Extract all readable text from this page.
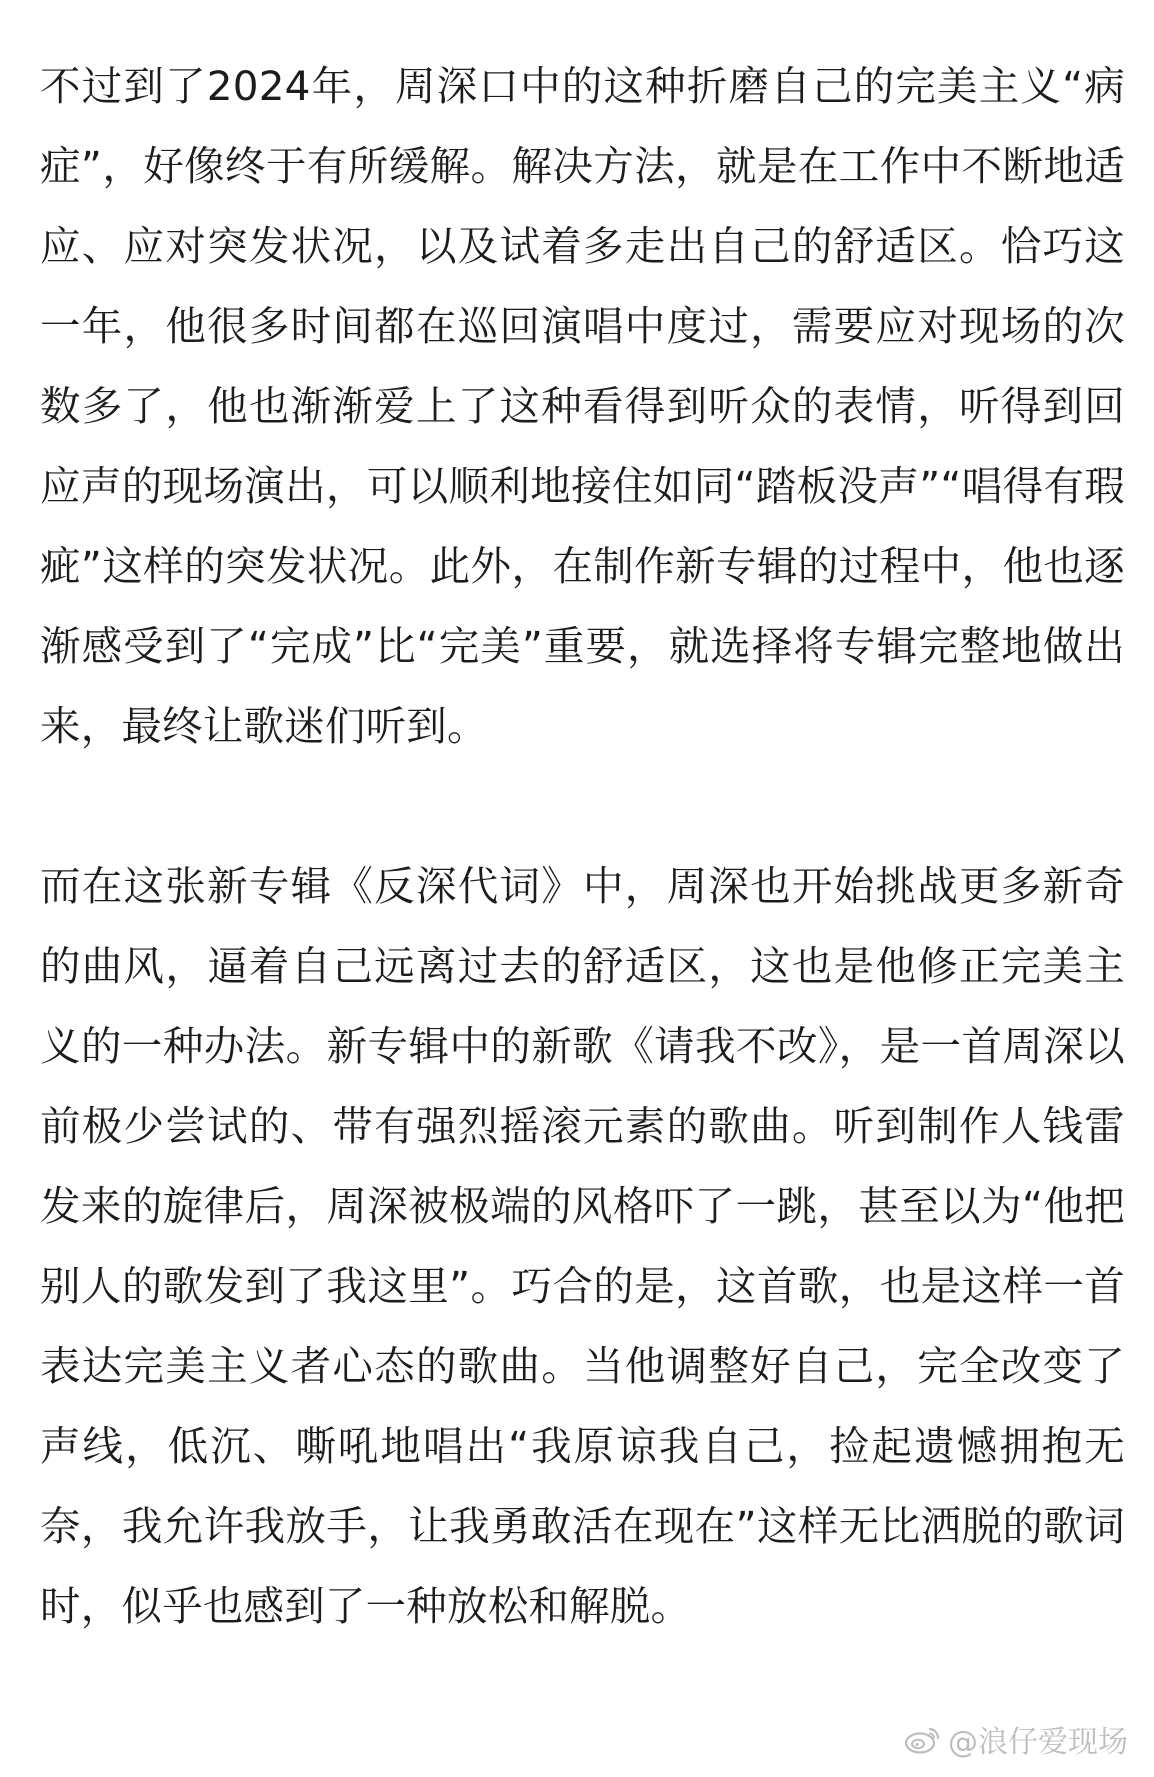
不过到了2024年，周深口中的这种折磨自己的完美主义“病症”，好像终于有所缓解。解决方法，就是在工作中不断地适应、应对突发状况，以及试着多走出自己的舒适区。恰巧这一年，他很多时间都在巡回演唱中度过，需要应对现场的次数多了，他也渐渐爱上了这种看得到听众的表情，听得到回应声的现场演出，可以顺利地接住如同“踏板没声”“唱得有瑕疵”这样的突发状况。此外，在制作新专辑的过程中，他也逐渐感受到了“完成”比“完美”重要，就选择将专辑完整地做出来，最终让歌迷们听到。

而在这张新专辑《反深代词》中，周深也开始挑战更多新奇的曲风，逼着自己远离过去的舒适区，这也是他修正完美主义的一种办法。新专辑中的新歌《请我不改》，是一首周深以前极少尝试的、带有强烈摇滚元素的歌曲。听到制作人钱雷发来的旋律后，周深被极端的风格吓了一跳，甚至以为“他把别人的歌发到了我这里”。巧合的是，这首歌，也是这样一首表达完美主义者心态的歌曲。当他调整好自己，完全改变了声线，低沉、嘶吼地唱出“我原谅我自己，捡起遗憾拥抱无奈，我允许我放手，让我勇敢活在现在”这样无比洒脱的歌词时，似乎也感到了一种放松和解脱。

@浪仔爱现场
